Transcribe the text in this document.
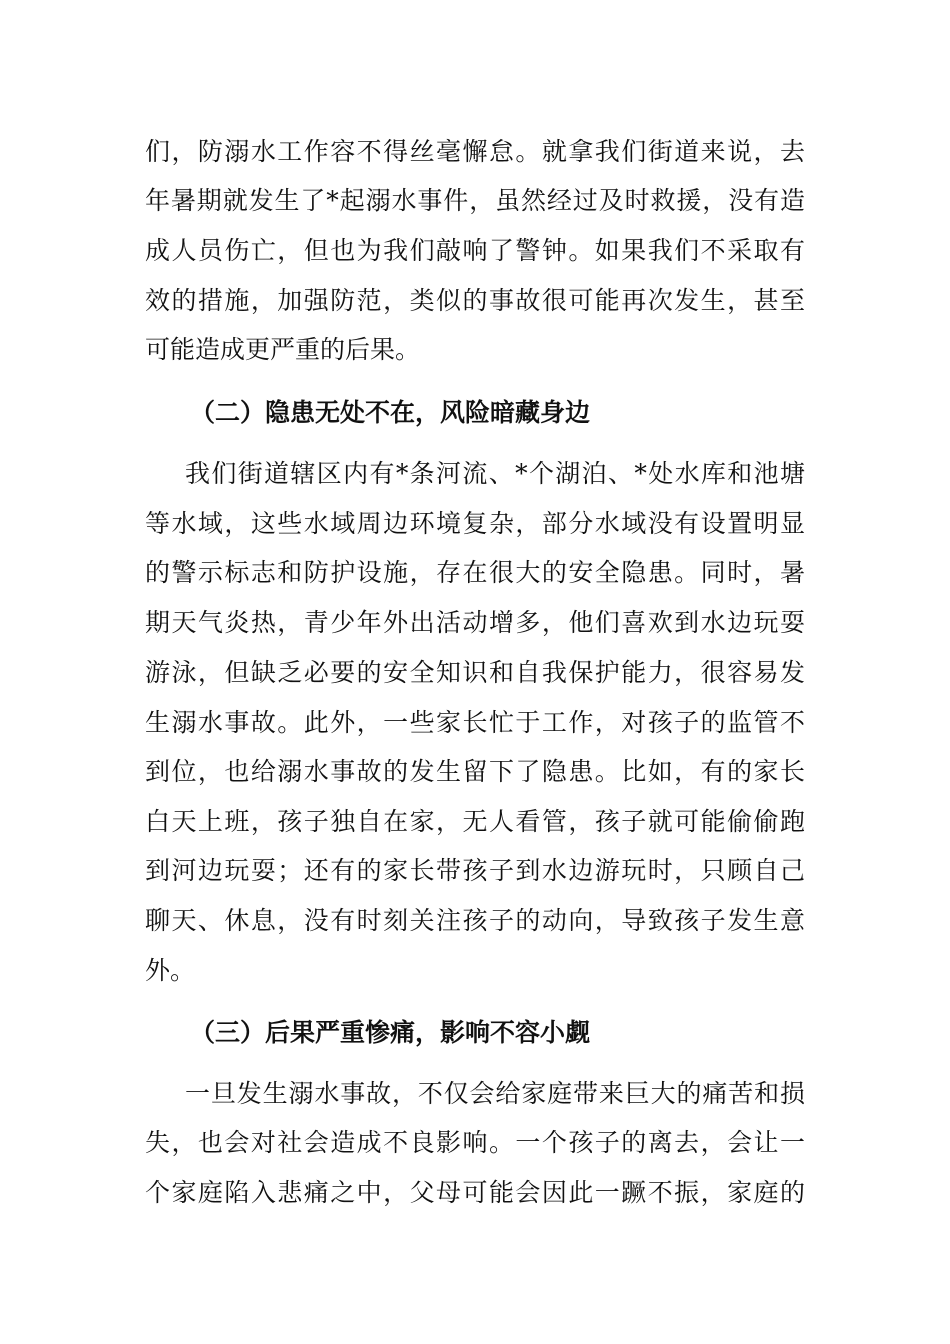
们，防溺水工作容不得丝毫懈怠。就拿我们街道来说，去
年暑期就发生了*起溺水事件，虽然经过及时救援，没有造
成人员伤亡，但也为我们敲响了警钟。如果我们不采取有
效的措施，加强防范，类似的事故很可能再次发生，甚至
可能造成更严重的后果。
（二）隐患无处不在，风险暗藏身边
我们街道辖区内有*条河流、*个湖泊、*处水库和池塘
等水域，这些水域周边环境复杂，部分水域没有设置明显
的警示标志和防护设施，存在很大的安全隐患。同时，暑
期天气炎热，青少年外出活动增多，他们喜欢到水边玩耍
游泳，但缺乏必要的安全知识和自我保护能力，很容易发
生溺水事故。此外，一些家长忙于工作，对孩子的监管不
到位，也给溺水事故的发生留下了隐患。比如，有的家长
白天上班，孩子独自在家，无人看管，孩子就可能偷偷跑
到河边玩耍；还有的家长带孩子到水边游玩时，只顾自己
聊天、休息，没有时刻关注孩子的动向，导致孩子发生意
外。
（三）后果严重惨痛，影响不容小觑
一旦发生溺水事故，不仅会给家庭带来巨大的痛苦和损
失，也会对社会造成不良影响。一个孩子的离去，会让一
个家庭陷入悲痛之中，父母可能会因此一蹶不振，家庭的
